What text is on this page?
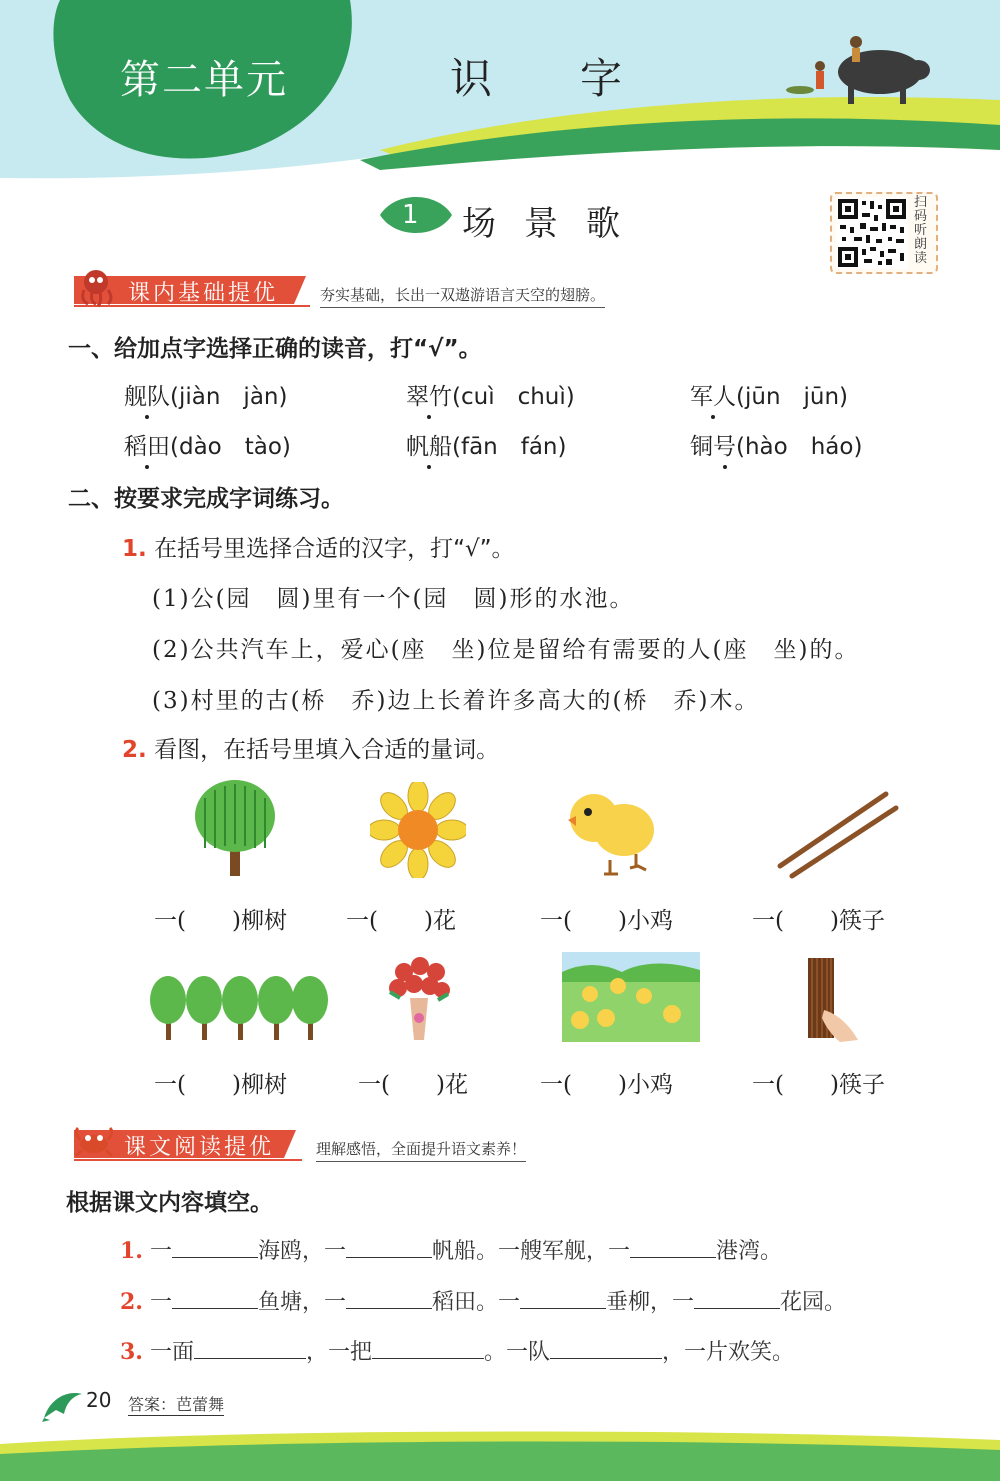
第二单元	识字
1 场景歌
扫码听朗读
课内基础提优	夯实基础，长出一双遨游语言天空的翅膀。
一、给加点字选择正确的读音，打“√”。
舰队(jiàn　jàn)	翠竹(cuì　chuì)	军人(jūn　jūn)
稻田(dào　tào)	帆船(fān　fán)	铜号(hào　háo)
二、按要求完成字词练习。
1. 在括号里选择合适的汉字，打“√”。
(1)公(园　圆)里有一个(园　圆)形的水池。
(2)公共汽车上，爱心(座　坐)位是留给有需要的人(座　坐)的。
(3)村里的古(桥　乔)边上长着许多高大的(桥　乔)木。
2. 看图，在括号里填入合适的量词。
一(　　)柳树	一(　　)花	一(　　)小鸡	一(　　)筷子
一(　　)柳树	一(　　)花	一(　　)小鸡	一(　　)筷子
课文阅读提优	理解感悟，全面提升语文素养！
根据课文内容填空。
1. 一	海鸥，一	帆船。一艘军舰，一	港湾。
2. 一	鱼塘，一	稻田。一	垂柳，一	花园。
3. 一面	，一把	。一队	，一片欢笑。
20 答案：芭蕾舞
